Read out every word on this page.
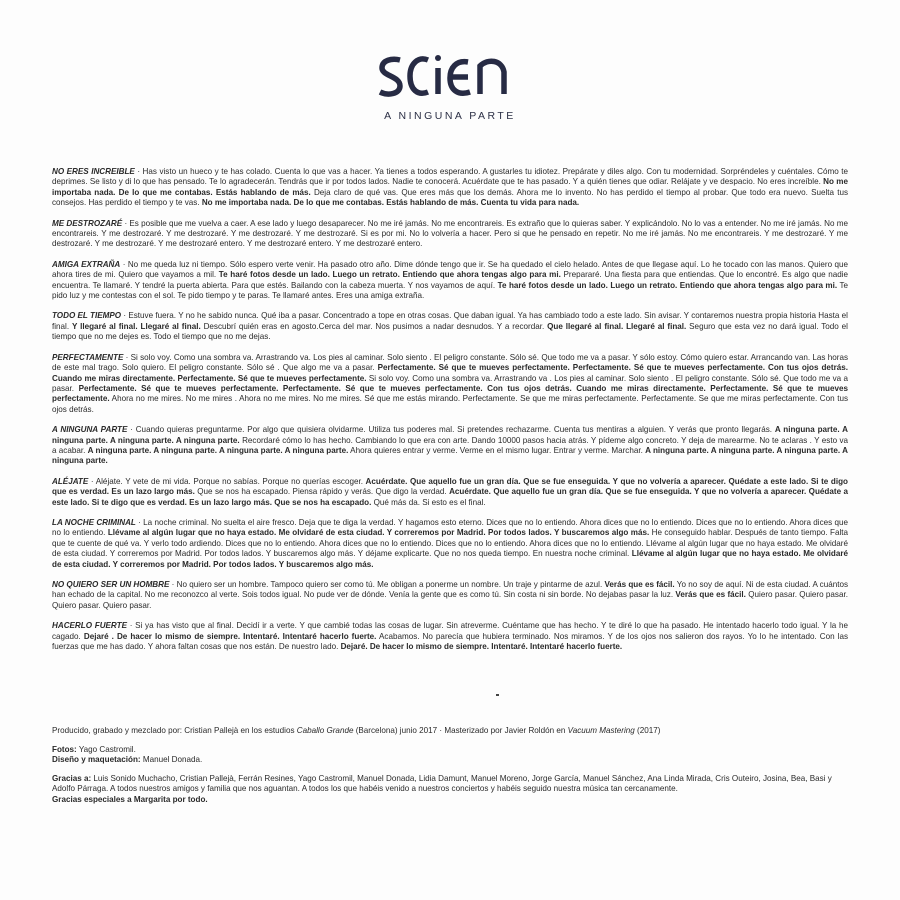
SCIEN
A NINGUNA PARTE

NO ERES INCREIBLE · Has visto un hueco y te has colado. Cuenta lo que vas a hacer. Ya tienes a todos esperando. A gustarles tu idiotez. Prepárate y diles algo. Con tu modernidad. Sorpréndeles y cuéntales. Cómo te deprimes. Se listo y di lo que has pensado. Te lo agradecerán. Tendrás que ir por todos lados. Nadie te conocerá. Acuérdate que te has pasado. Y a quién tienes que odiar. Relájate y ve despacio. No eres increíble. No me importaba nada. De lo que me contabas. Estás hablando de más. Deja claro de qué vas. Que eres más que los demás. Ahora me lo invento. No has perdido el tiempo al probar. Que todo era nuevo. Suelta tus consejos. Has perdido el tiempo y te vas. No me importaba nada. De lo que me contabas. Estás hablando de más. Cuenta tu vida para nada.

ME DESTROZARÉ · Es posible que me vuelva a caer. A ese lado y luego desaparecer. No me iré jamás. No me encontrareis. Es extraño que lo quieras saber. Y explicándolo. No lo vas a entender. No me iré jamás. No me encontrareis. Y me destrozaré. Y me destrozaré. Y me destrozaré. Y me destrozaré. Si es por mi. No lo volvería a hacer. Pero si que he pensado en repetir. No me iré jamás. No me encontrareis. Y me destrozaré. Y me destrozaré. Y me destrozaré. Y me destrozaré entero. Y me destrozaré entero. Y me destrozaré entero.

AMIGA EXTRAÑA · No me queda luz ni tiempo. Sólo espero verte venir. Ha pasado otro año. Dime dónde tengo que ir. Se ha quedado el cielo helado. Antes de que llegase aquí. Lo he tocado con las manos. Quiero que ahora tires de mi. Quiero que vayamos a mil. Te haré fotos desde un lado. Luego un retrato. Entiendo que ahora tengas algo para mi. Prepararé. Una fiesta para que entiendas. Que lo encontré. Es algo que nadie encuentra. Te llamaré. Y tendré la puerta abierta. Para que estés. Bailando con la cabeza muerta. Y nos vayamos de aquí. Te haré fotos desde un lado. Luego un retrato. Entiendo que ahora tengas algo para mi. Te pido luz y me contestas con el sol. Te pido tiempo y te paras. Te llamaré antes. Eres una amiga extraña.

TODO EL TIEMPO · Estuve fuera. Y no he sabido nunca. Qué iba a pasar. Concentrado a tope en otras cosas. Que daban igual. Ya has cambiado todo a este lado. Sin avisar. Y contaremos nuestra propia historia Hasta el final. Y llegaré al final. Llegaré al final. Descubrí quién eras en agosto.Cerca del mar. Nos pusimos a nadar desnudos. Y a recordar. Que llegaré al final. Llegaré al final. Seguro que esta vez no dará igual. Todo el tiempo que no me dejes es. Todo el tiempo que no me dejas.

PERFECTAMENTE · Si solo voy. Como una sombra va. Arrastrando va. Los pies al caminar. Solo siento . El peligro constante. Sólo sé. Que todo me va a pasar. Y sólo estoy. Cómo quiero estar. Arrancando van. Las horas de este mal trago. Solo quiero. El peligro constante. Sólo sé . Que algo me va a pasar. Perfectamente. Sé que te mueves perfectamente. Perfectamente. Sé que te mueves perfectamente. Con tus ojos detrás. Cuando me miras directamente. Perfectamente. Sé que te mueves perfectamente. Si solo voy. Como una sombra va. Arrastrando va . Los pies al caminar. Solo siento . El peligro constante. Sólo sé. Que todo me va a pasar. Perfectamente. Sé que te mueves perfectamente. Perfectamente. Sé que te mueves perfectamente. Con tus ojos detrás. Cuando me miras directamente. Perfectamente. Sé que te mueves perfectamente. Ahora no me mires. No me mires . Ahora no me mires. No me mires. Sé que me estás mirando. Perfectamente. Se que me miras perfectamente. Perfectamente. Se que me miras perfectamente. Con tus ojos detrás.

A NINGUNA PARTE · Cuando quieras preguntarme. Por algo que quisiera olvidarme. Utiliza tus poderes mal. Si pretendes rechazarme. Cuenta tus mentiras a alguien. Y verás que pronto llegarás. A ninguna parte. A ninguna parte. A ninguna parte. A ninguna parte. Recordaré cómo lo has hecho. Cambiando lo que era con arte. Dando 10000 pasos hacia atrás. Y pídeme algo concreto. Y deja de marearme. No te aclaras . Y esto va a acabar. A ninguna parte. A ninguna parte. A ninguna parte. A ninguna parte. Ahora quieres entrar y verme. Verme en el mismo lugar. Entrar y verme. Marchar. A ninguna parte. A ninguna parte. A ninguna parte. A ninguna parte.

ALÉJATE · Aléjate. Y vete de mi vida. Porque no sabías. Porque no querías escoger. Acuérdate. Que aquello fue un gran día. Que se fue enseguida. Y que no volvería a aparecer. Quédate a este lado. Si te digo que es verdad. Es un lazo largo más. Que se nos ha escapado. Piensa rápido y verás. Que digo la verdad. Acuérdate. Que aquello fue un gran día. Que se fue enseguida. Y que no volvería a aparecer. Quédate a este lado. Si te digo que es verdad. Es un lazo largo más. Que se nos ha escapado. Qué más da. Si esto es el final.

LA NOCHE CRIMINAL · La noche criminal. No suelta el aire fresco. Deja que te diga la verdad. Y hagamos esto eterno. Dices que no lo entiendo. Ahora dices que no lo entiendo. Dices que no lo entiendo. Ahora dices que no lo entiendo. Llévame al algún lugar que no haya estado. Me olvidaré de esta ciudad. Y correremos por Madrid. Por todos lados. Y buscaremos algo más. He conseguido hablar. Después de tanto tiempo. Falta que te cuente de qué va. Y verlo todo ardiendo. Dices que no lo entiendo. Ahora dices que no lo entiendo. Dices que no lo entiendo. Ahora dices que no lo entiendo. Llévame al algún lugar que no haya estado. Me olvidaré de esta ciudad. Y correremos por Madrid. Por todos lados. Y buscaremos algo más. Y déjame explicarte. Que no nos queda tiempo. En nuestra noche criminal. Llévame al algún lugar que no haya estado. Me olvidaré de esta ciudad. Y correremos por Madrid. Por todos lados. Y buscaremos algo más.

NO QUIERO SER UN HOMBRE · No quiero ser un hombre. Tampoco quiero ser como tú. Me obligan a ponerme un nombre. Un traje y pintarme de azul. Verás que es fácil. Yo no soy de aquí. Ni de esta ciudad. A cuántos han echado de la capital. No me reconozco al verte. Sois todos igual. No pude ver de dónde. Venía la gente que es como tú. Sin costa ni sin borde. No dejabas pasar la luz. Verás que es fácil. Quiero pasar. Quiero pasar. Quiero pasar. Quiero pasar.

HACERLO FUERTE · Si ya has visto que al final. Decidí ir a verte. Y que cambié todas las cosas de lugar. Sin atreverme. Cuéntame que has hecho. Y te diré lo que ha pasado. He intentado hacerlo todo igual. Y la he cagado. Dejaré . De hacer lo mismo de siempre. Intentaré. Intentaré hacerlo fuerte. Acabamos. No parecía que hubiera terminado. Nos miramos. Y de los ojos nos salieron dos rayos. Yo lo he intentado. Con las fuerzas que me has dado. Y ahora faltan cosas que nos están. De nuestro lado. Dejaré. De hacer lo mismo de siempre. Intentaré. Intentaré hacerlo fuerte.

Producido, grabado y mezclado por: Cristian Pallejà en los estudios Caballo Grande (Barcelona) junio 2017 · Masterizado por Javier Roldón en Vacuum Mastering (2017)

Fotos: Yago Castromil.

Diseño y maquetación: Manuel Donada.

Gracias a: Luis Sonido Muchacho, Cristian Pallejà, Ferrán Resines, Yago Castromil, Manuel Donada, Lidia Damunt, Manuel Moreno, Jorge García, Manuel Sánchez, Ana Linda Mirada, Cris Outeiro, Josina, Bea, Basi y Adolfo Párraga. A todos nuestros amigos y familia que nos aguantan. A todos los que habéis venido a nuestros conciertos y habéis seguido nuestra música tan cercanamente.

Gracias especiales a Margarita por todo.
